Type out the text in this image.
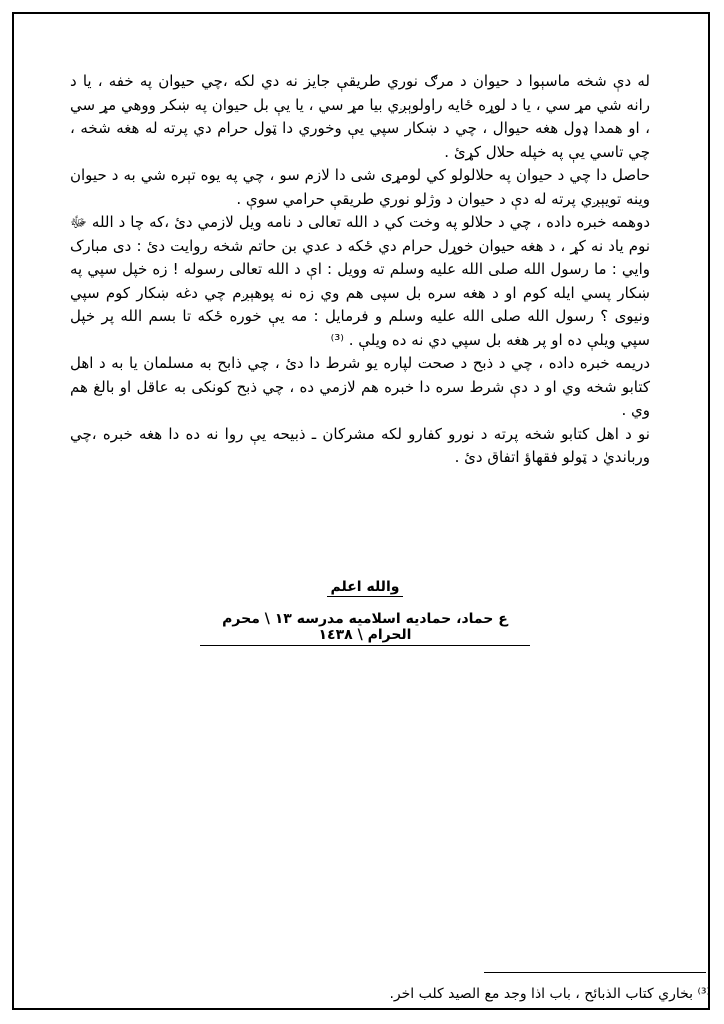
له دې شخه ماسېوا د حيوان د مرګ نوري طريقې جايز نه دي لکه ،چي حيوان په خفه ، يا د رانه شي مړ سي ، يا د لوړه ځايه راولوېږي بيا مړ سي ، يا يې بل حيوان په ښکر ووهي مړ سي ، او همدا ډول هغه حيوال ، چي د ښکار سپي يې وخوري دا ټول حرام دي پرته له هغه شخه ، چي تاسي يې په خپله حلال کړئ .

حاصل دا چي د حيوان په حلالولو کي لومړی شی دا لازم سو ، چي په يوه تېره شي به د حيوان وينه تويېږي پرته له دې د حيوان د وژلو نوري طريقې حرامي سوې .

دوهمه خبره داده ، چي د حلالو په وخت کي د الله تعالى د نامه ويل لازمي دئ ،که چا د الله ﷻ نوم ياد نه کړ ، د هغه حيوان خوړل حرام دي ځکه د عدي بن حاتم شخه روايت دئ : دی مبارک وايي : ما رسول الله صلى الله عليه وسلم ته وويل : اې د الله تعالى رسوله ! زه خپل سپي په ښکار پسي ايله کوم او د هغه سره بل سپی هم وي زه نه پوهېږم چي دغه ښکار کوم سپي ونيوی ؟ رسول الله صلى الله عليه وسلم و فرمايل : مه يې خوره ځکه تا بسم الله پر خپل سپي ويلې ده او پر هغه بل سپي دي نه ده ويلې . ⁽³⁾

دريمه خبره داده ، چي د ذبح د صحت لپاره يو شرط دا دئ ، چي ذابح به مسلمان يا به د اهل کتابو شخه وي او د دې شرط سره دا خبره هم لازمي ده ، چي ذبح کونکی به عاقل او بالغ هم وي .

نو د اهل کتابو شخه پرته د نورو کفارو لکه مشرکان ـ ذبيحه يې روا نه ده دا هغه خبره ،چي وربانديٰ د ټولو فقهاؤ اتفاق دئ .

والله اعلم
ع حماد، حماديه اسلاميه مدرسه ١٣ \ محرم الحرام \ ١٤٣٨
⁽³⁾ بخاري كتاب الذبائح ، باب اذا وجد مع الصيد كلب اخر.
